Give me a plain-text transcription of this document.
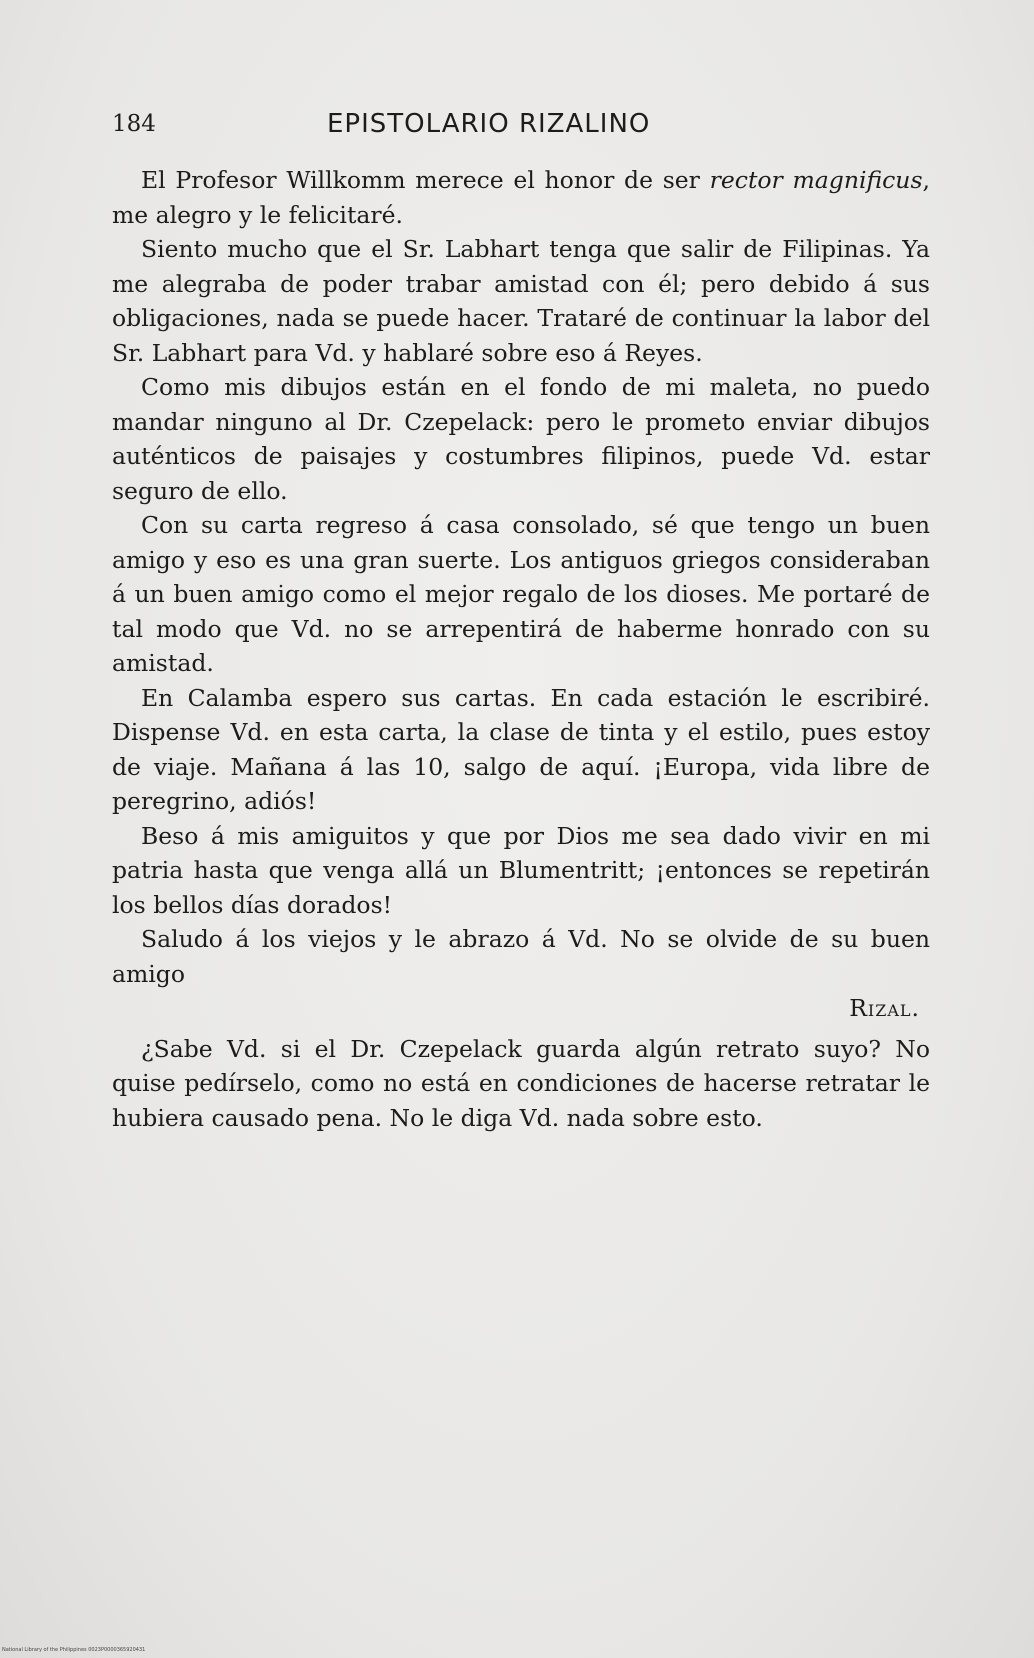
184	EPISTOLARIO RIZALINO

El Profesor Willkomm merece el honor de ser rector magnificus, me alegro y le felicitaré.

Siento mucho que el Sr. Labhart tenga que salir de Filipinas. Ya me alegraba de poder trabar amistad con él; pero debido á sus obligaciones, nada se puede hacer. Trataré de continuar la labor del Sr. Labhart para Vd. y hablaré sobre eso á Reyes.

Como mis dibujos están en el fondo de mi maleta, no puedo mandar ninguno al Dr. Czepelack: pero le prometo enviar dibujos auténticos de paisajes y costumbres filipinos, puede Vd. estar seguro de ello.

Con su carta regreso á casa consolado, sé que tengo un buen amigo y eso es una gran suerte. Los antiguos griegos consideraban á un buen amigo como el mejor regalo de los dioses. Me portaré de tal modo que Vd. no se arrepentirá de haberme honrado con su amistad.

En Calamba espero sus cartas. En cada estación le escribiré. Dispense Vd. en esta carta, la clase de tinta y el estilo, pues estoy de viaje. Mañana á las 10, salgo de aquí. ¡Europa, vida libre de peregrino, adiós!

Beso á mis amiguitos y que por Dios me sea dado vivir en mi patria hasta que venga allá un Blumentritt; ¡entonces se repetirán los bellos días dorados!

Saludo á los viejos y le abrazo á Vd. No se olvide de su buen amigo

Rizal.

¿Sabe Vd. si el Dr. Czepelack guarda algún retrato suyo? No quise pedírselo, como no está en condiciones de hacerse retratar le hubiera causado pena. No le diga Vd. nada sobre esto.

National Library of the Philippines 0023P0000365920431
